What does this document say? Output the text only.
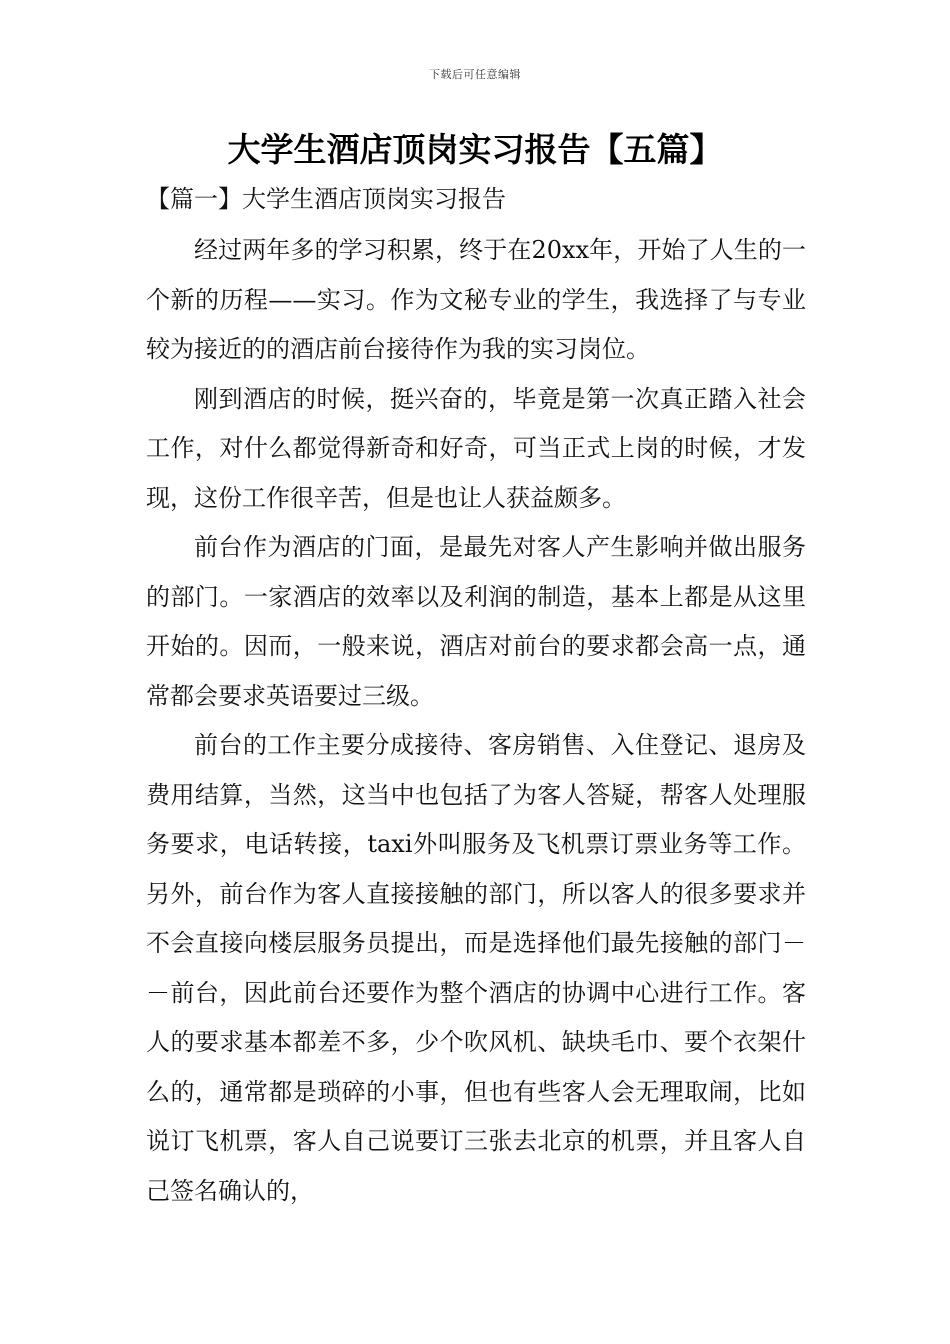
下载后可任意编辑
大学生酒店顶岗实习报告【五篇】
【篇一】大学生酒店顶岗实习报告

经过两年多的学习积累，终于在20xx年，开始了人生的一个新的历程——实习。作为文秘专业的学生，我选择了与专业较为接近的的酒店前台接待作为我的实习岗位。

刚到酒店的时候，挺兴奋的，毕竟是第一次真正踏入社会工作，对什么都觉得新奇和好奇，可当正式上岗的时候，才发现，这份工作很辛苦，但是也让人获益颇多。

前台作为酒店的门面，是最先对客人产生影响并做出服务的部门。一家酒店的效率以及利润的制造，基本上都是从这里开始的。因而，一般来说，酒店对前台的要求都会高一点，通常都会要求英语要过三级。

前台的工作主要分成接待、客房销售、入住登记、退房及费用结算，当然，这当中也包括了为客人答疑，帮客人处理服务要求，电话转接，taxi外叫服务及飞机票订票业务等工作。另外，前台作为客人直接接触的部门，所以客人的很多要求并不会直接向楼层服务员提出，而是选择他们最先接触的部门－－前台，因此前台还要作为整个酒店的协调中心进行工作。客人的要求基本都差不多，少个吹风机、缺块毛巾、要个衣架什么的，通常都是琐碎的小事，但也有些客人会无理取闹，比如说订飞机票，客人自己说要订三张去北京的机票，并且客人自己签名确认的，
